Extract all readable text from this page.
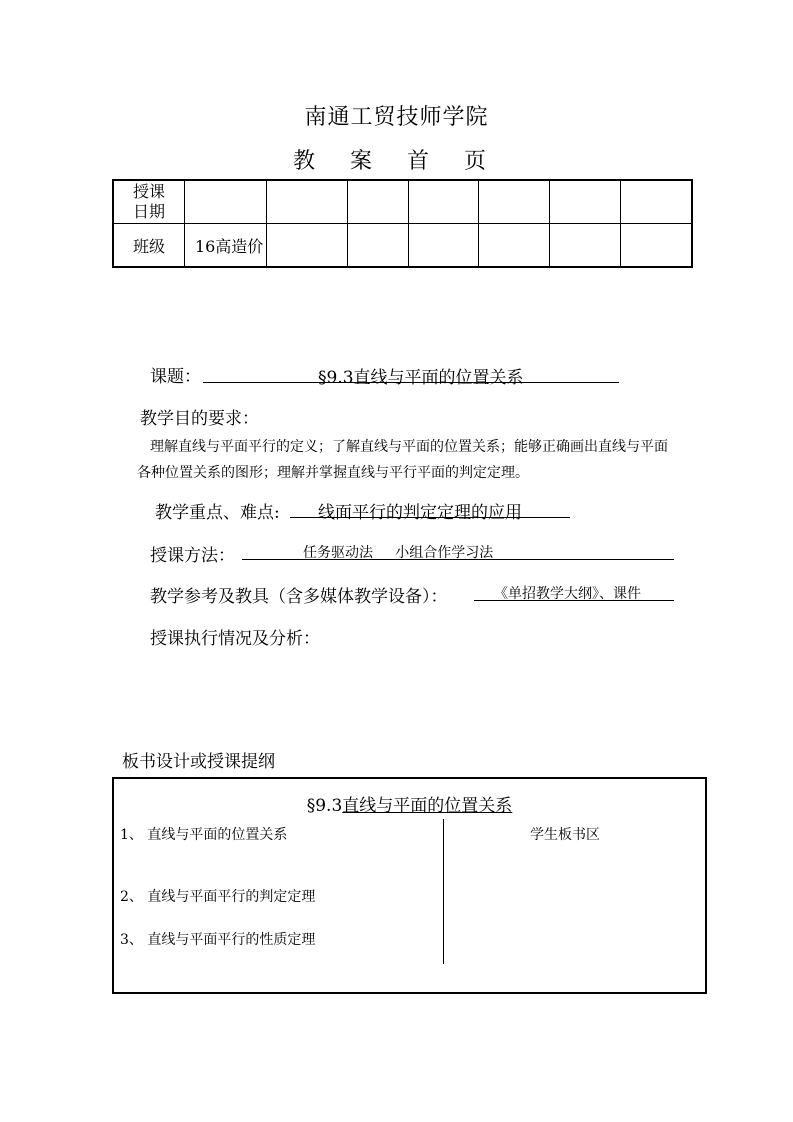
南通工贸技师学院
教 案 首 页
授课日期							

班级	16高造价						
课题：	§9.3直线与平面的位置关系
教学目的要求：
理解直线与平面平行的定义；了解直线与平面的位置关系；能够正确画出直线与平面
各种位置关系的图形；理解并掌握直线与平行平面的判定定理。
教学重点、难点: 线面平行的判定定理的应用
授课方法：	任务驱动法     小组合作学习法
教学参考及教具（含多媒体教学设备）：	《单招教学大纲》、课件
授课执行情况及分析：
板书设计或授课提纲
§9.3直线与平面的位置关系
1、 直线与平面的位置关系
2、 直线与平面平行的判定定理
3、 直线与平面平行的性质定理
学生板书区
